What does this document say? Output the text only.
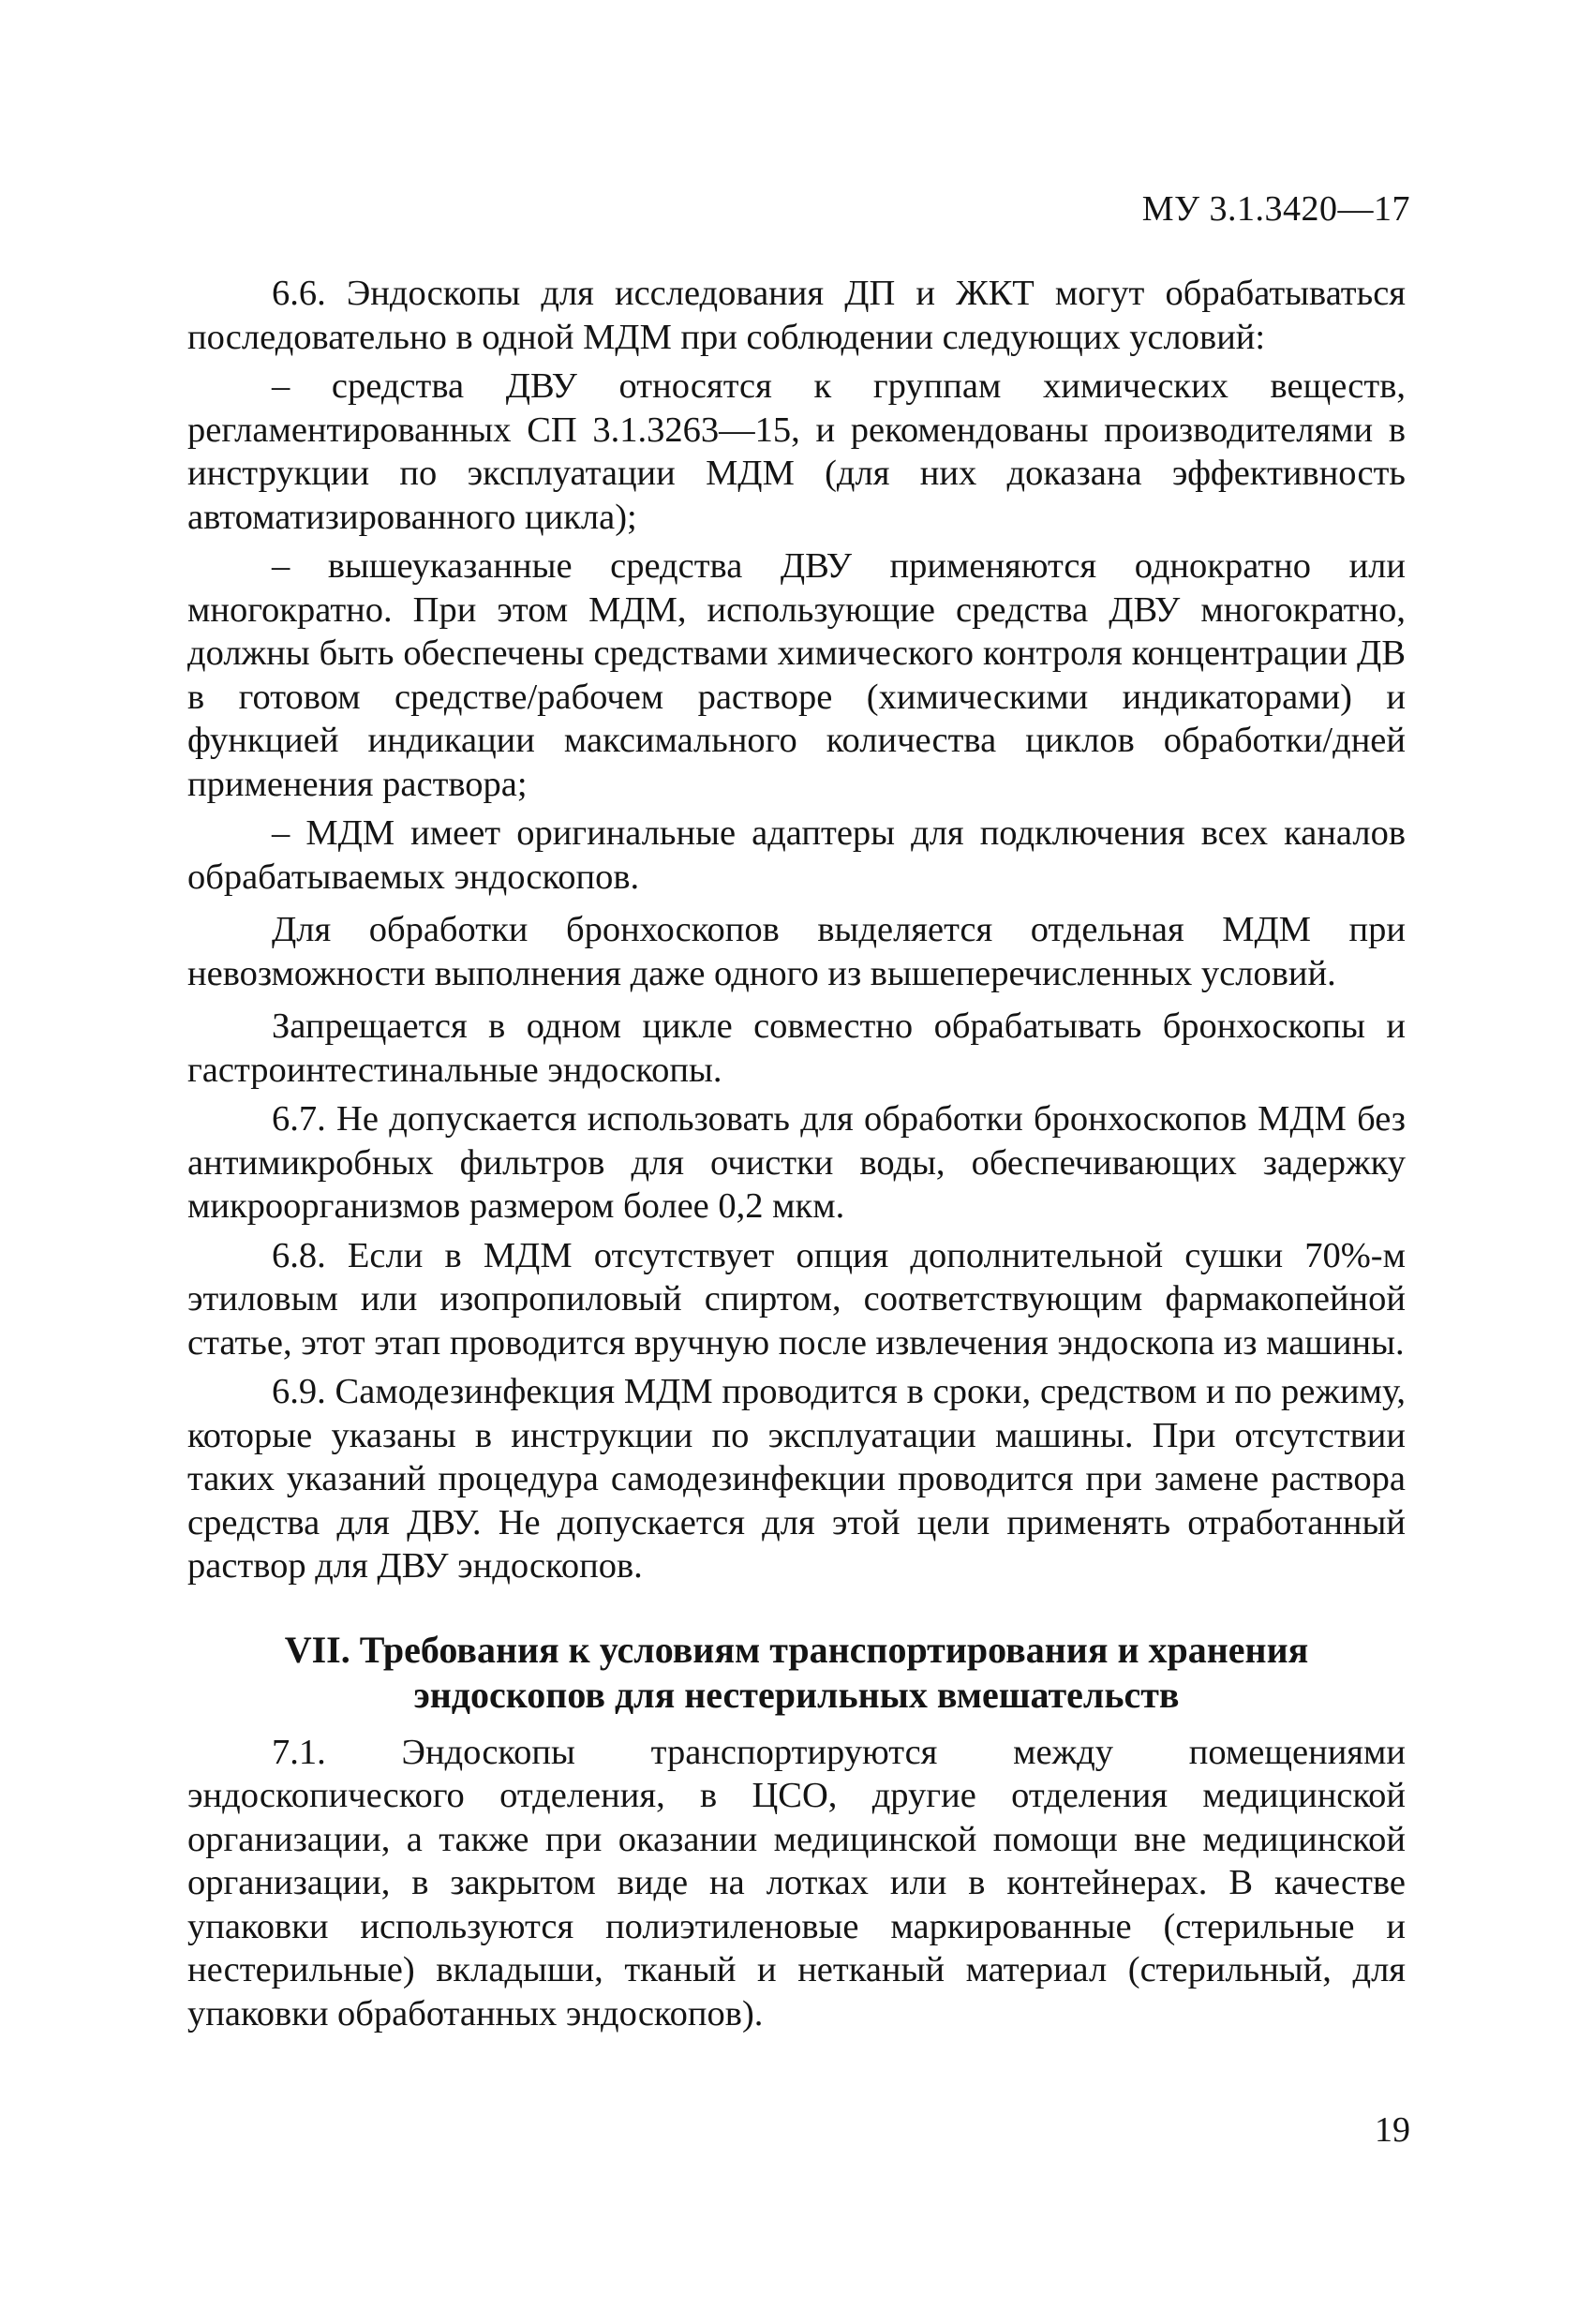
МУ 3.1.3420—17

6.6. Эндоскопы для исследования ДП и ЖКТ могут обрабатываться последовательно в одной МДМ при соблюдении следующих условий:

– средства ДВУ относятся к группам химических веществ, регламентированных СП 3.1.3263—15, и рекомендованы производителями в инструкции по эксплуатации МДМ (для них доказана эффективность автоматизированного цикла);

– вышеуказанные средства ДВУ применяются однократно или многократно. При этом МДМ, использующие средства ДВУ многократно, должны быть обеспечены средствами химического контроля концентрации ДВ в готовом средстве/рабочем растворе (химическими индикаторами) и функцией индикации максимального количества циклов обработки/дней применения раствора;

– МДМ имеет оригинальные адаптеры для подключения всех каналов обрабатываемых эндоскопов.

Для обработки бронхоскопов выделяется отдельная МДМ при невозможности выполнения даже одного из вышеперечисленных условий.

Запрещается в одном цикле совместно обрабатывать бронхоскопы и гастроинтестинальные эндоскопы.

6.7. Не допускается использовать для обработки бронхоскопов МДМ без антимикробных фильтров для очистки воды, обеспечивающих задержку микроорганизмов размером более 0,2 мкм.

6.8. Если в МДМ отсутствует опция дополнительной сушки 70%-м этиловым или изопропиловый спиртом, соответствующим фармакопейной статье, этот этап проводится вручную после извлечения эндоскопа из машины.

6.9. Самодезинфекция МДМ проводится в сроки, средством и по режиму, которые указаны в инструкции по эксплуатации машины. При отсутствии таких указаний процедура самодезинфекции проводится при замене раствора средства для ДВУ. Не допускается для этой цели применять отработанный раствор для ДВУ эндоскопов.

VII. Требования к условиям транспортирования и хранения
эндоскопов для нестерильных вмешательств

7.1. Эндоскопы транспортируются между помещениями эндоскопического отделения, в ЦСО, другие отделения медицинской организации, а также при оказании медицинской помощи вне медицинской организации, в закрытом виде на лотках или в контейнерах. В качестве упаковки используются полиэтиленовые маркированные (стерильные и нестерильные) вкладыши, тканый и нетканый материал (стерильный, для упаковки обработанных эндоскопов).

19
